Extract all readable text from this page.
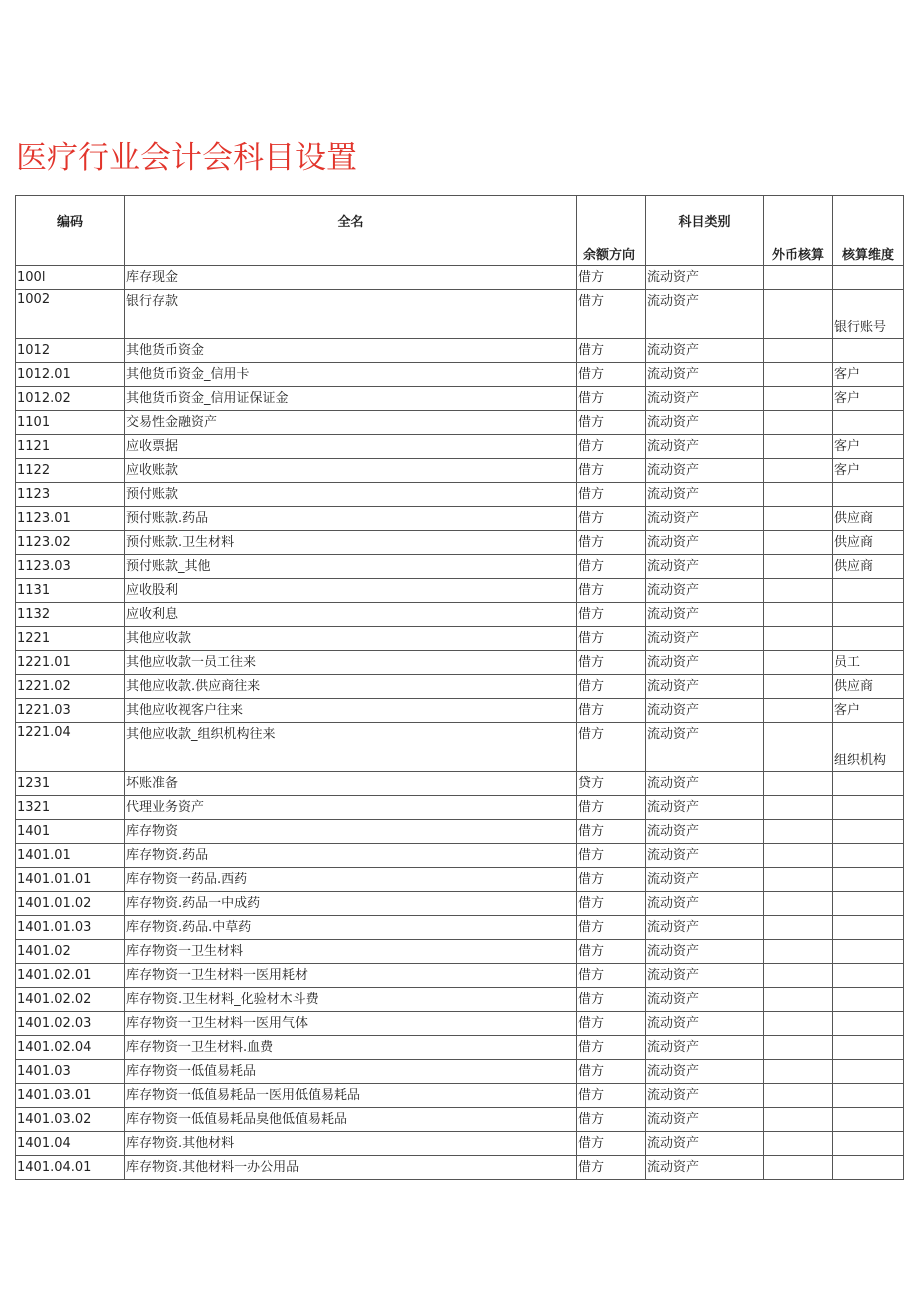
医疗行业会计会科目设置
编码	全名	余额方向	科目类别	外币核算	核算维度
100l	库存现金	借方	流动资产		
1002	银行存款	借方	流动资产		银行账号
1012	其他货币资金	借方	流动资产		
1012.01	其他货币资金_信用卡	借方	流动资产		客户
1012.02	其他货币资金_信用证保证金	借方	流动资产		客户
1101	交易性金融资产	借方	流动资产		
1121	应收票据	借方	流动资产		客户
1122	应收账款	借方	流动资产		客户
1123	预付账款	借方	流动资产		
1123.01	预付账款.药品	借方	流动资产		供应商
1123.02	预付账款.卫生材料	借方	流动资产		供应商
1123.03	预付账款_其他	借方	流动资产		供应商
1131	应收股利	借方	流动资产		
1132	应收利息	借方	流动资产		
1221	其他应收款	借方	流动资产		
1221.01	其他应收款一员工往来	借方	流动资产		员工
1221.02	其他应收款.供应商往来	借方	流动资产		供应商
1221.03	其他应收视客户往来	借方	流动资产		客户
1221.04	其他应收款_组织机构往来	借方	流动资产		组织机构
1231	坏账准备	贷方	流动资产		
1321	代理业务资产	借方	流动资产		
1401	库存物资	借方	流动资产		
1401.01	库存物资.药品	借方	流动资产		
1401.01.01	库存物资一药品.西药	借方	流动资产		
1401.01.02	库存物资.药品一中成药	借方	流动资产		
1401.01.03	库存物资.药品.中草药	借方	流动资产		
1401.02	库存物资一卫生材料	借方	流动资产		
1401.02.01	库存物资一卫生材料一医用耗材	借方	流动资产		
1401.02.02	库存物资.卫生材料_化验材木斗费	借方	流动资产		
1401.02.03	库存物资一卫生材料一医用气体	借方	流动资产		
1401.02.04	库存物资一卫生材料.血费	借方	流动资产		
1401.03	库存物资一低值易耗品	借方	流动资产		
1401.03.01	库存物资一低值易耗品一医用低值易耗品	借方	流动资产		
1401.03.02	库存物资一低值易耗品臭他低值易耗品	借方	流动资产		
1401.04	库存物资.其他材料	借方	流动资产		
1401.04.01	库存物资.其他材料一办公用品	借方	流动资产		
